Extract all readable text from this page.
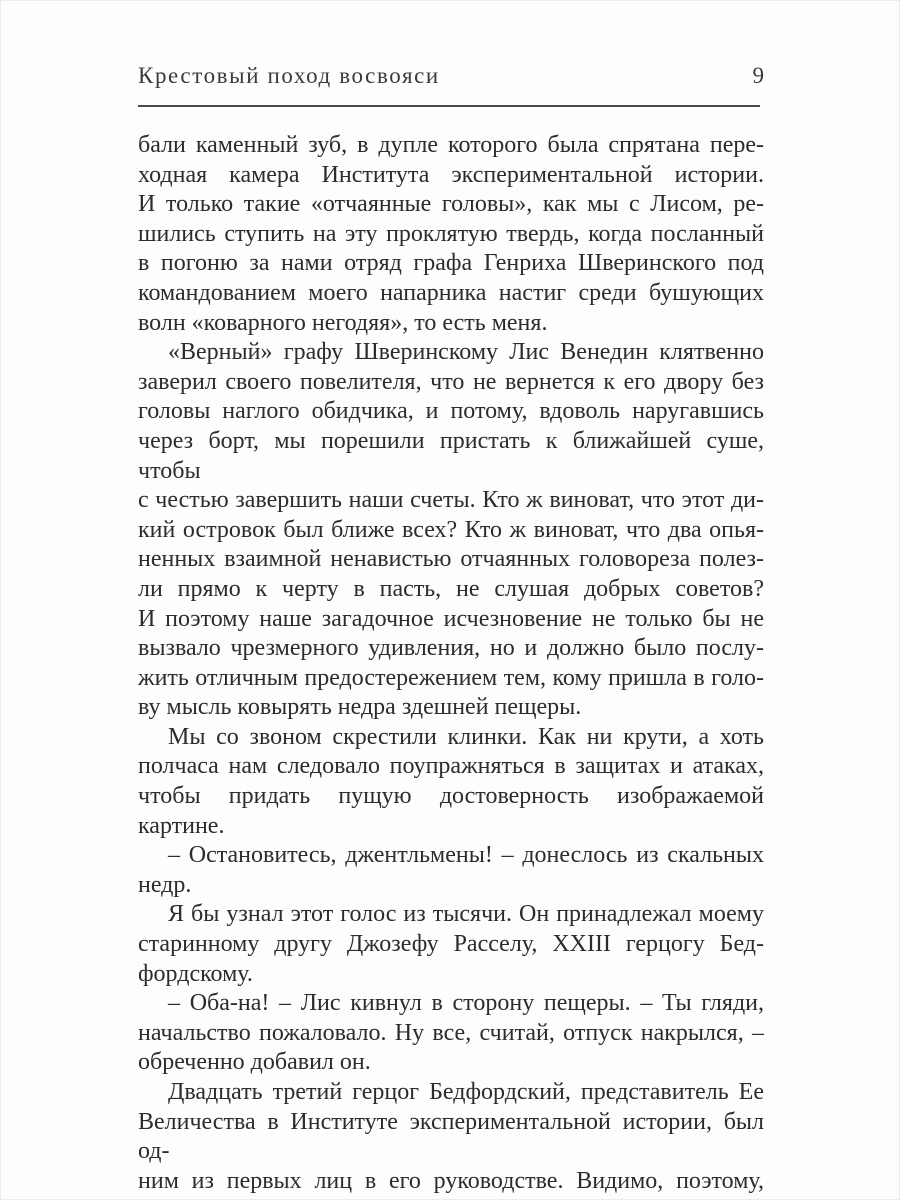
Крестовый поход восвояси	9
бали каменный зуб, в дупле которого была спрятана пере-
ходная камера Института экспериментальной истории.
И только такие «отчаянные головы», как мы с Лисом, ре-
шились ступить на эту проклятую твердь, когда посланный
в погоню за нами отряд графа Генриха Шверинского под
командованием моего напарника настиг среди бушующих
волн «коварного негодяя», то есть меня.
«Верный» графу Шверинскому Лис Венедин клятвенно
заверил своего повелителя, что не вернется к его двору без
головы наглого обидчика, и потому, вдоволь наругавшись
через борт, мы порешили пристать к ближайшей суше, чтобы
с честью завершить наши счеты. Кто ж виноват, что этот ди-
кий островок был ближе всех? Кто ж виноват, что два опья-
ненных взаимной ненавистью отчаянных головореза полез-
ли прямо к черту в пасть, не слушая добрых советов?
И поэтому наше загадочное исчезновение не только бы не
вызвало чрезмерного удивления, но и должно было послу-
жить отличным предостережением тем, кому пришла в голо-
ву мысль ковырять недра здешней пещеры.
Мы со звоном скрестили клинки. Как ни крути, а хоть
полчаса нам следовало поупражняться в защитах и атаках,
чтобы придать пущую достоверность изображаемой картине.
– Остановитесь, джентльмены! – донеслось из скальных
недр.
Я бы узнал этот голос из тысячи. Он принадлежал моему
старинному другу Джозефу Расселу, XXIII герцогу Бед-
фордскому.
– Оба-на! – Лис кивнул в сторону пещеры. – Ты гляди,
начальство пожаловало. Ну все, считай, отпуск накрылся, –
обреченно добавил он.
Двадцать третий герцог Бедфордский, представитель Ее
Величества в Институте экспериментальной истории, был од-
ним из первых лиц в его руководстве. Видимо, поэтому,
